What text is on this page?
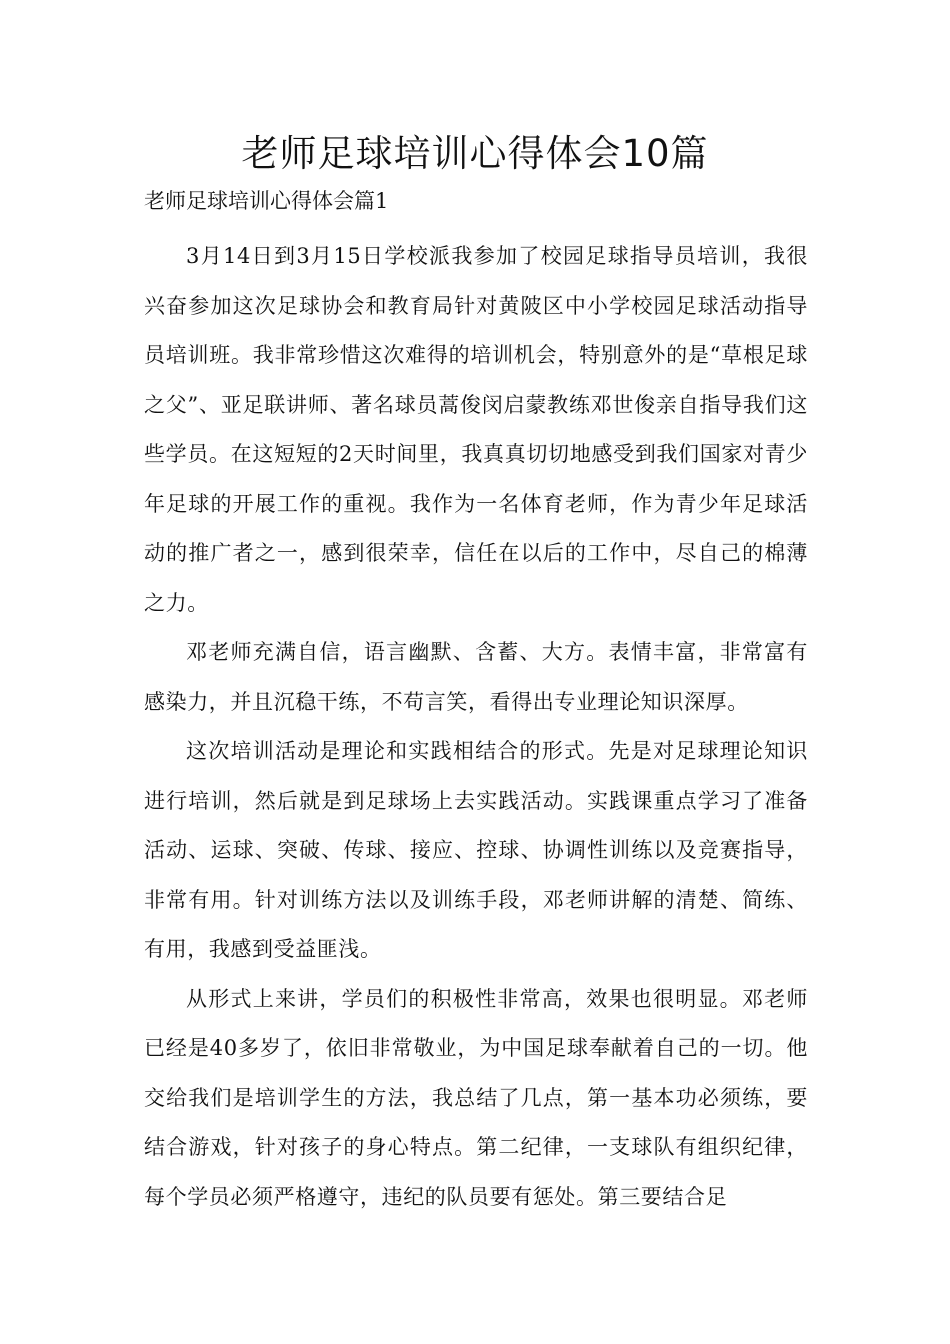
老师足球培训心得体会10篇
老师足球培训心得体会篇1

3月14日到3月15日学校派我参加了校园足球指导员培训，我很兴奋参加这次足球协会和教育局针对黄陂区中小学校园足球活动指导员培训班。我非常珍惜这次难得的培训机会，特别意外的是“草根足球之父”、亚足联讲师、著名球员蒿俊闵启蒙教练邓世俊亲自指导我们这些学员。在这短短的2天时间里，我真真切切地感受到我们国家对青少年足球的开展工作的重视。我作为一名体育老师，作为青少年足球活动的推广者之一，感到很荣幸，信任在以后的工作中，尽自己的棉薄之力。

邓老师充满自信，语言幽默、含蓄、大方。表情丰富，非常富有感染力，并且沉稳干练，不苟言笑，看得出专业理论知识深厚。

这次培训活动是理论和实践相结合的形式。先是对足球理论知识进行培训，然后就是到足球场上去实践活动。实践课重点学习了准备活动、运球、突破、传球、接应、控球、协调性训练以及竞赛指导，非常有用。针对训练方法以及训练手段，邓老师讲解的清楚、简练、有用，我感到受益匪浅。

从形式上来讲，学员们的积极性非常高，效果也很明显。邓老师已经是40多岁了，依旧非常敬业，为中国足球奉献着自己的一切。他交给我们是培训学生的方法，我总结了几点，第一基本功必须练，要结合游戏，针对孩子的身心特点。第二纪律，一支球队有组织纪律，每个学员必须严格遵守，违纪的队员要有惩处。第三要结合足
